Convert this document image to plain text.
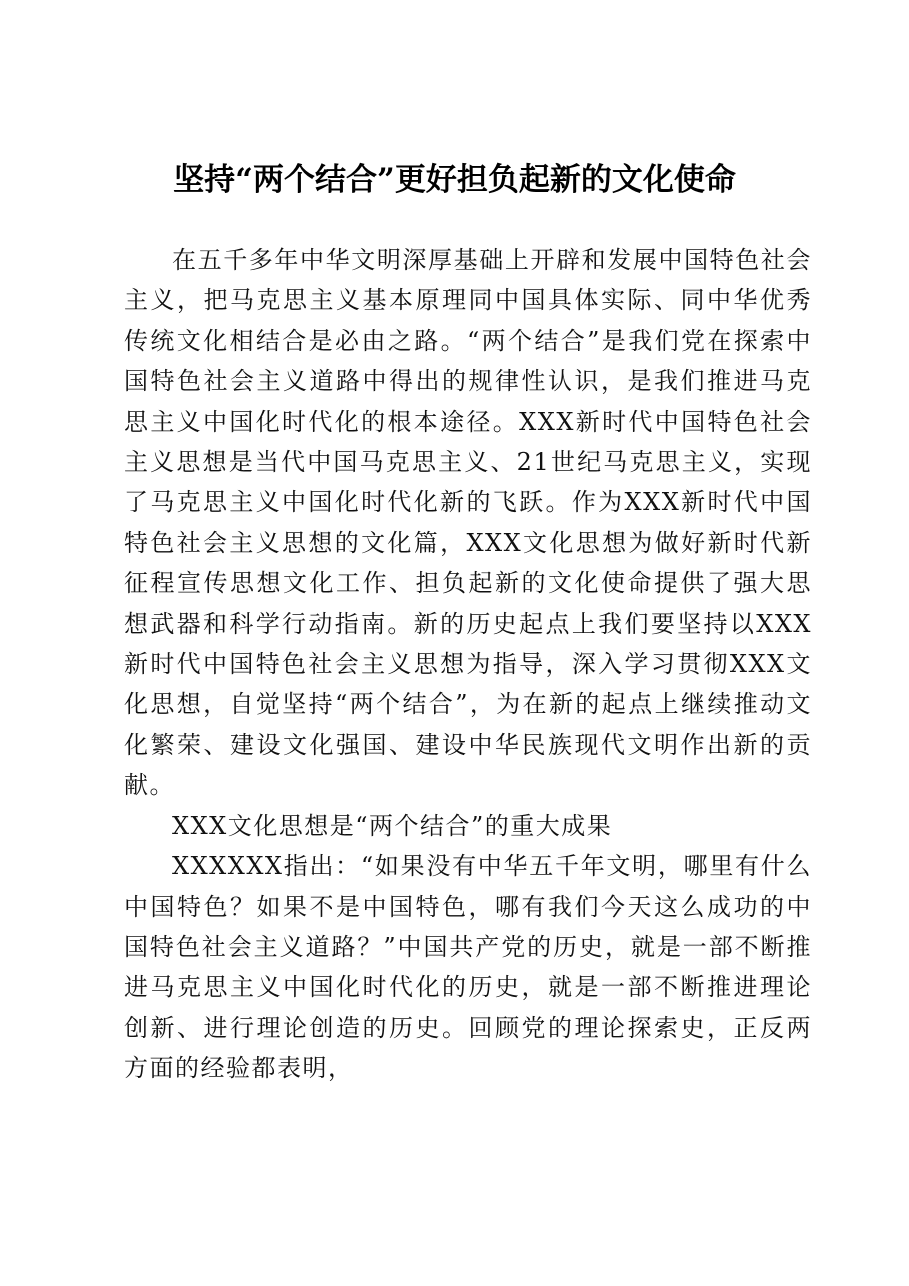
坚持“两个结合”更好担负起新的文化使命

在五千多年中华文明深厚基础上开辟和发展中国特色社会主义，把马克思主义基本原理同中国具体实际、同中华优秀传统文化相结合是必由之路。“两个结合”是我们党在探索中国特色社会主义道路中得出的规律性认识，是我们推进马克思主义中国化时代化的根本途径。XXX新时代中国特色社会主义思想是当代中国马克思主义、21世纪马克思主义，实现了马克思主义中国化时代化新的飞跃。作为XXX新时代中国特色社会主义思想的文化篇，XXX文化思想为做好新时代新征程宣传思想文化工作、担负起新的文化使命提供了强大思想武器和科学行动指南。新的历史起点上我们要坚持以XXX新时代中国特色社会主义思想为指导，深入学习贯彻XXX文化思想，自觉坚持“两个结合”，为在新的起点上继续推动文化繁荣、建设文化强国、建设中华民族现代文明作出新的贡献。

XXX文化思想是“两个结合”的重大成果

XXXXXX指出：“如果没有中华五千年文明，哪里有什么中国特色？如果不是中国特色，哪有我们今天这么成功的中国特色社会主义道路？”中国共产党的历史，就是一部不断推进马克思主义中国化时代化的历史，就是一部不断推进理论创新、进行理论创造的历史。回顾党的理论探索史，正反两方面的经验都表明，
